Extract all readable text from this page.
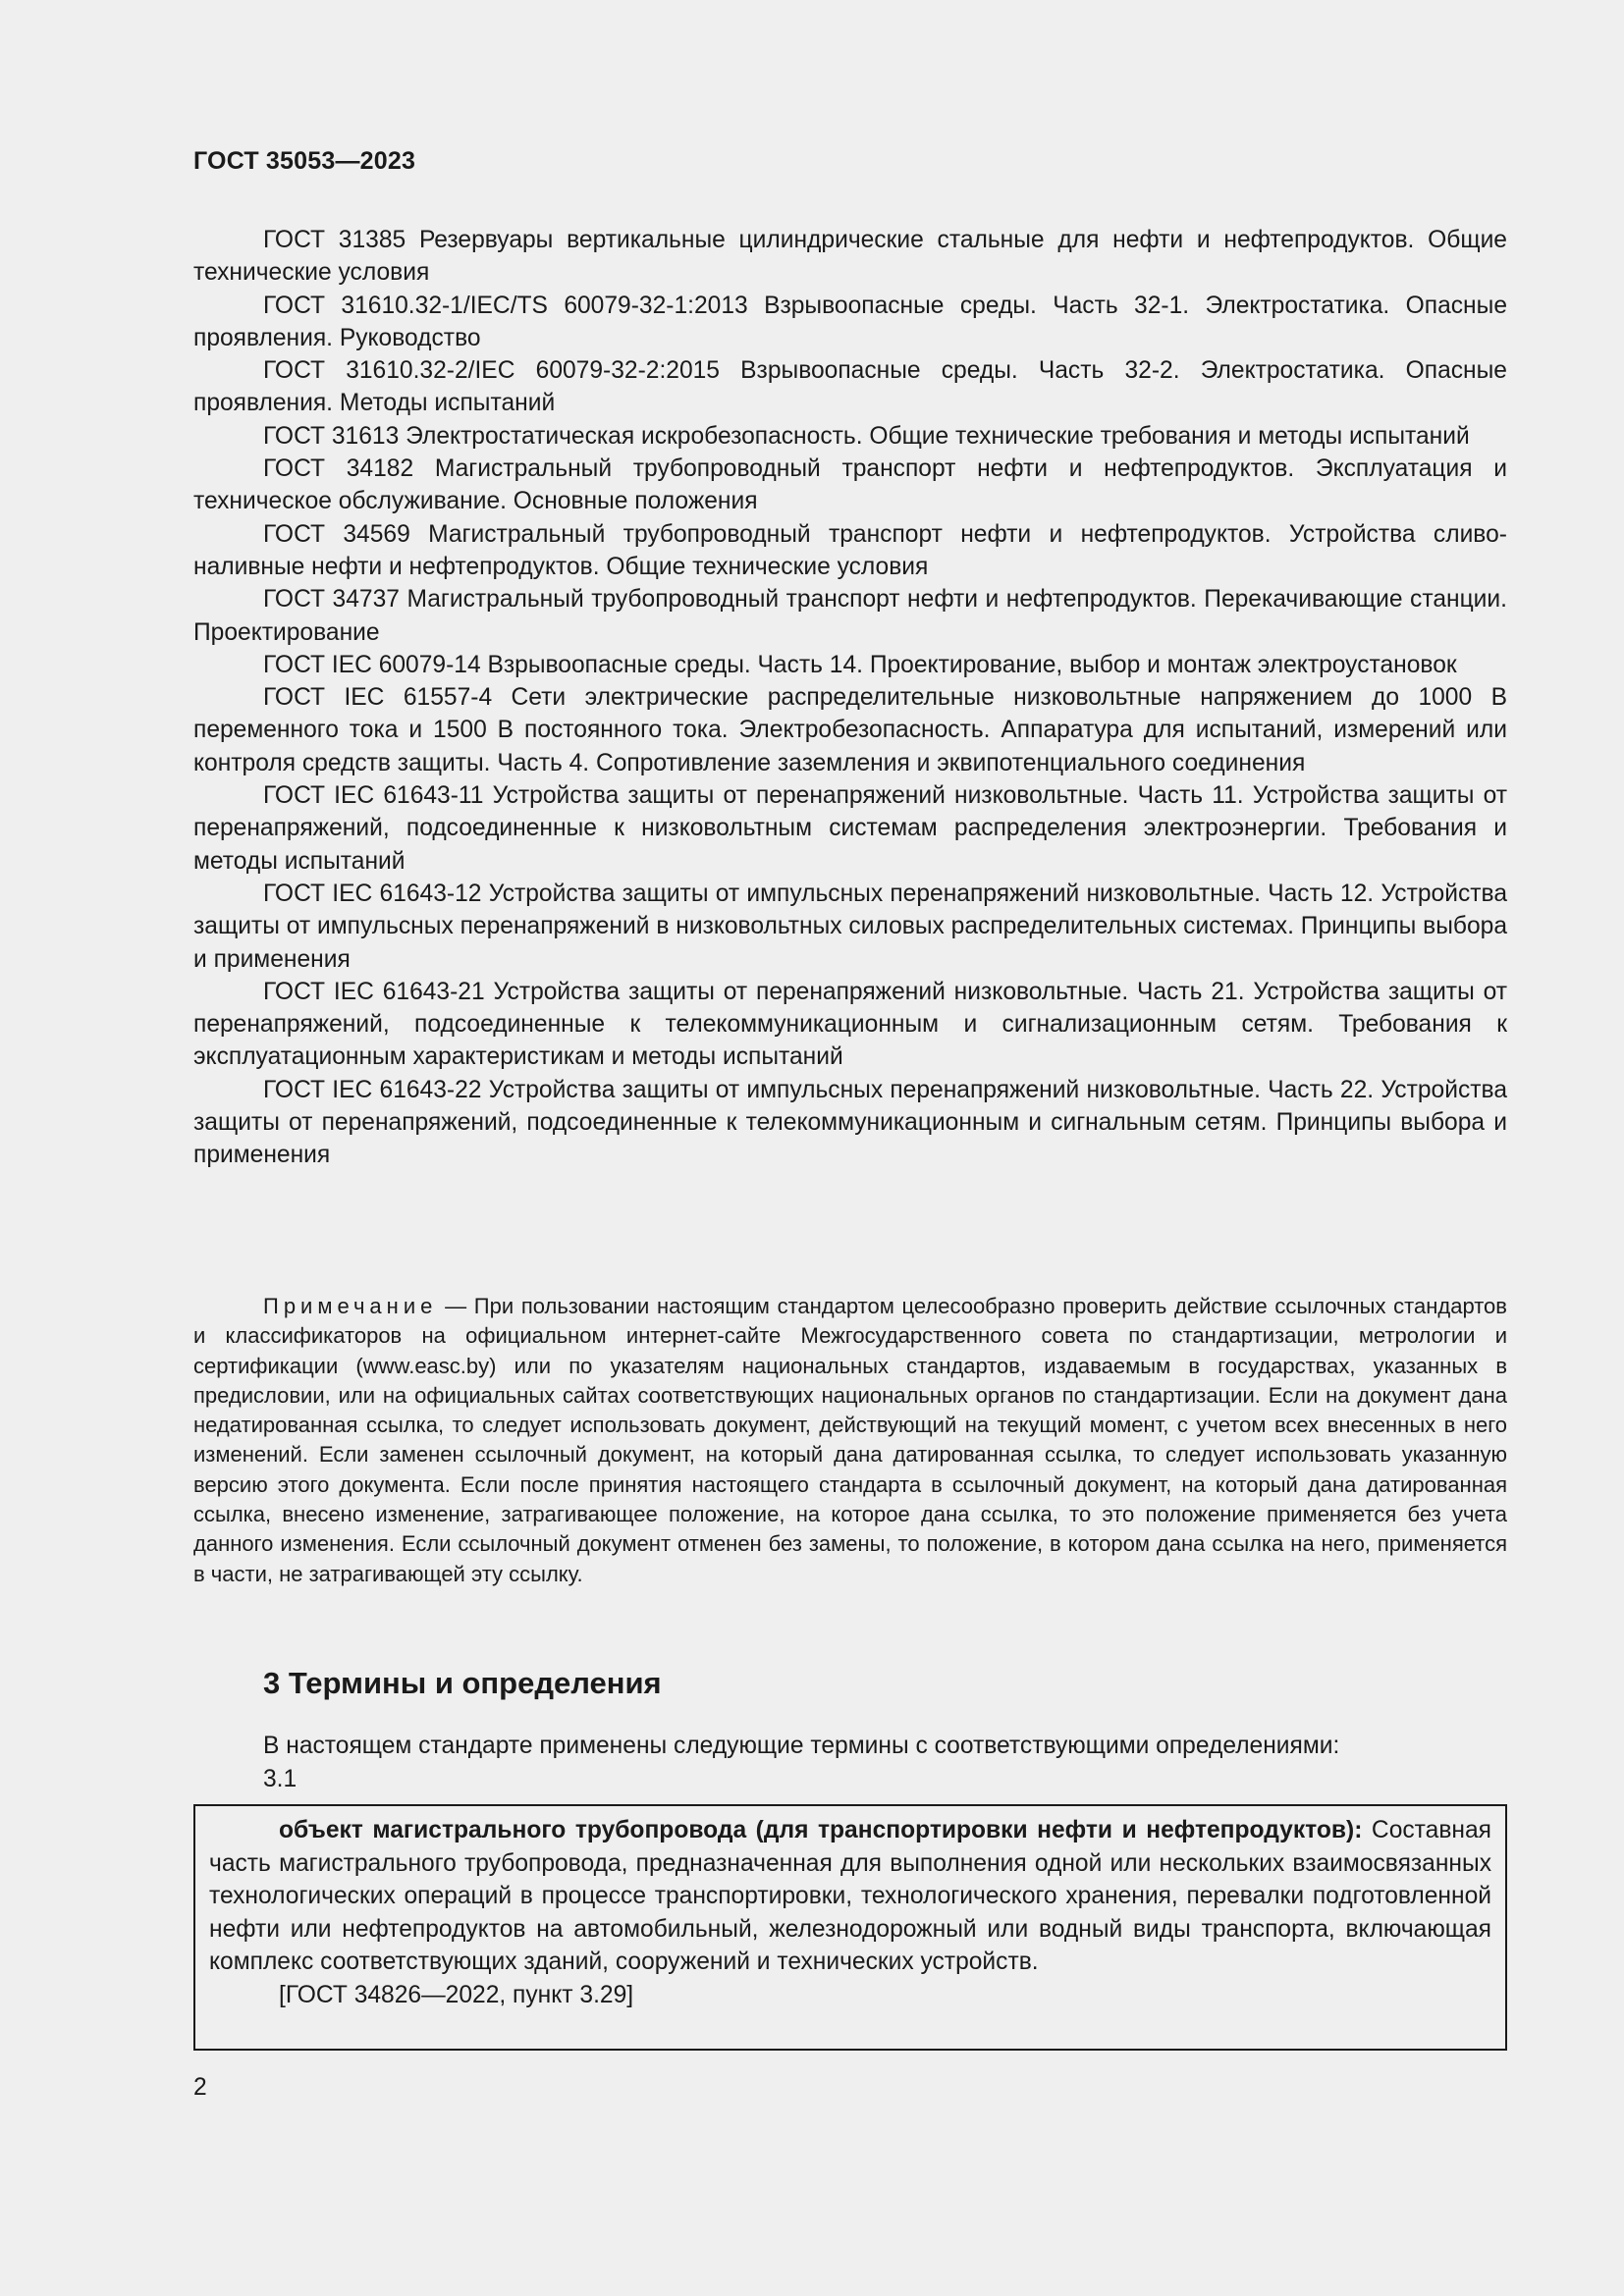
ГОСТ 35053—2023

ГОСТ 31385 Резервуары вертикальные цилиндрические стальные для нефти и нефтепродуктов. Общие технические условия

ГОСТ 31610.32-1/IEC/TS 60079-32-1:2013 Взрывоопасные среды. Часть 32-1. Электростатика. Опасные проявления. Руководство

ГОСТ 31610.32-2/IEC 60079-32-2:2015 Взрывоопасные среды. Часть 32-2. Электростатика. Опасные проявления. Методы испытаний

ГОСТ 31613 Электростатическая искробезопасность. Общие технические требования и методы испытаний

ГОСТ 34182 Магистральный трубопроводный транспорт нефти и нефтепродуктов. Эксплуатация и техническое обслуживание. Основные положения

ГОСТ 34569 Магистральный трубопроводный транспорт нефти и нефтепродуктов. Устройства сливо-наливные нефти и нефтепродуктов. Общие технические условия

ГОСТ 34737 Магистральный трубопроводный транспорт нефти и нефтепродуктов. Перекачивающие станции. Проектирование

ГОСТ IEC 60079-14 Взрывоопасные среды. Часть 14. Проектирование, выбор и монтаж электроустановок

ГОСТ IEC 61557-4 Сети электрические распределительные низковольтные напряжением до 1000 В переменного тока и 1500 В постоянного тока. Электробезопасность. Аппаратура для испытаний, измерений или контроля средств защиты. Часть 4. Сопротивление заземления и эквипотенциального соединения

ГОСТ IEC 61643-11 Устройства защиты от перенапряжений низковольтные. Часть 11. Устройства защиты от перенапряжений, подсоединенные к низковольтным системам распределения электроэнергии. Требования и методы испытаний

ГОСТ IEC 61643-12 Устройства защиты от импульсных перенапряжений низковольтные. Часть 12. Устройства защиты от импульсных перенапряжений в низковольтных силовых распределительных системах. Принципы выбора и применения

ГОСТ IEC 61643-21 Устройства защиты от перенапряжений низковольтные. Часть 21. Устройства защиты от перенапряжений, подсоединенные к телекоммуникационным и сигнализационным сетям. Требования к эксплуатационным характеристикам и методы испытаний

ГОСТ IEC 61643-22 Устройства защиты от импульсных перенапряжений низковольтные. Часть 22. Устройства защиты от перенапряжений, подсоединенные к телекоммуникационным и сигнальным сетям. Принципы выбора и применения

Примечание — При пользовании настоящим стандартом целесообразно проверить действие ссылочных стандартов и классификаторов на официальном интернет-сайте Межгосударственного совета по стандартизации, метрологии и сертификации (www.easc.by) или по указателям национальных стандартов, издаваемым в государствах, указанных в предисловии, или на официальных сайтах соответствующих национальных органов по стандартизации. Если на документ дана недатированная ссылка, то следует использовать документ, действующий на текущий момент, с учетом всех внесенных в него изменений. Если заменен ссылочный документ, на который дана датированная ссылка, то следует использовать указанную версию этого документа. Если после принятия настоящего стандарта в ссылочный документ, на который дана датированная ссылка, внесено изменение, затрагивающее положение, на которое дана ссылка, то это положение применяется без учета данного изменения. Если ссылочный документ отменен без замены, то положение, в котором дана ссылка на него, применяется в части, не затрагивающей эту ссылку.

3 Термины и определения
В настоящем стандарте применены следующие термины с соответствующими определениями:
3.1

объект магистрального трубопровода (для транспортировки нефти и нефтепродуктов): Составная часть магистрального трубопровода, предназначенная для выполнения одной или нескольких взаимосвязанных технологических операций в процессе транспортировки, технологического хранения, перевалки подготовленной нефти или нефтепродуктов на автомобильный, железнодорожный или водный виды транспорта, включающая комплекс соответствующих зданий, сооружений и технических устройств.

[ГОСТ 34826—2022, пункт 3.29]

2
